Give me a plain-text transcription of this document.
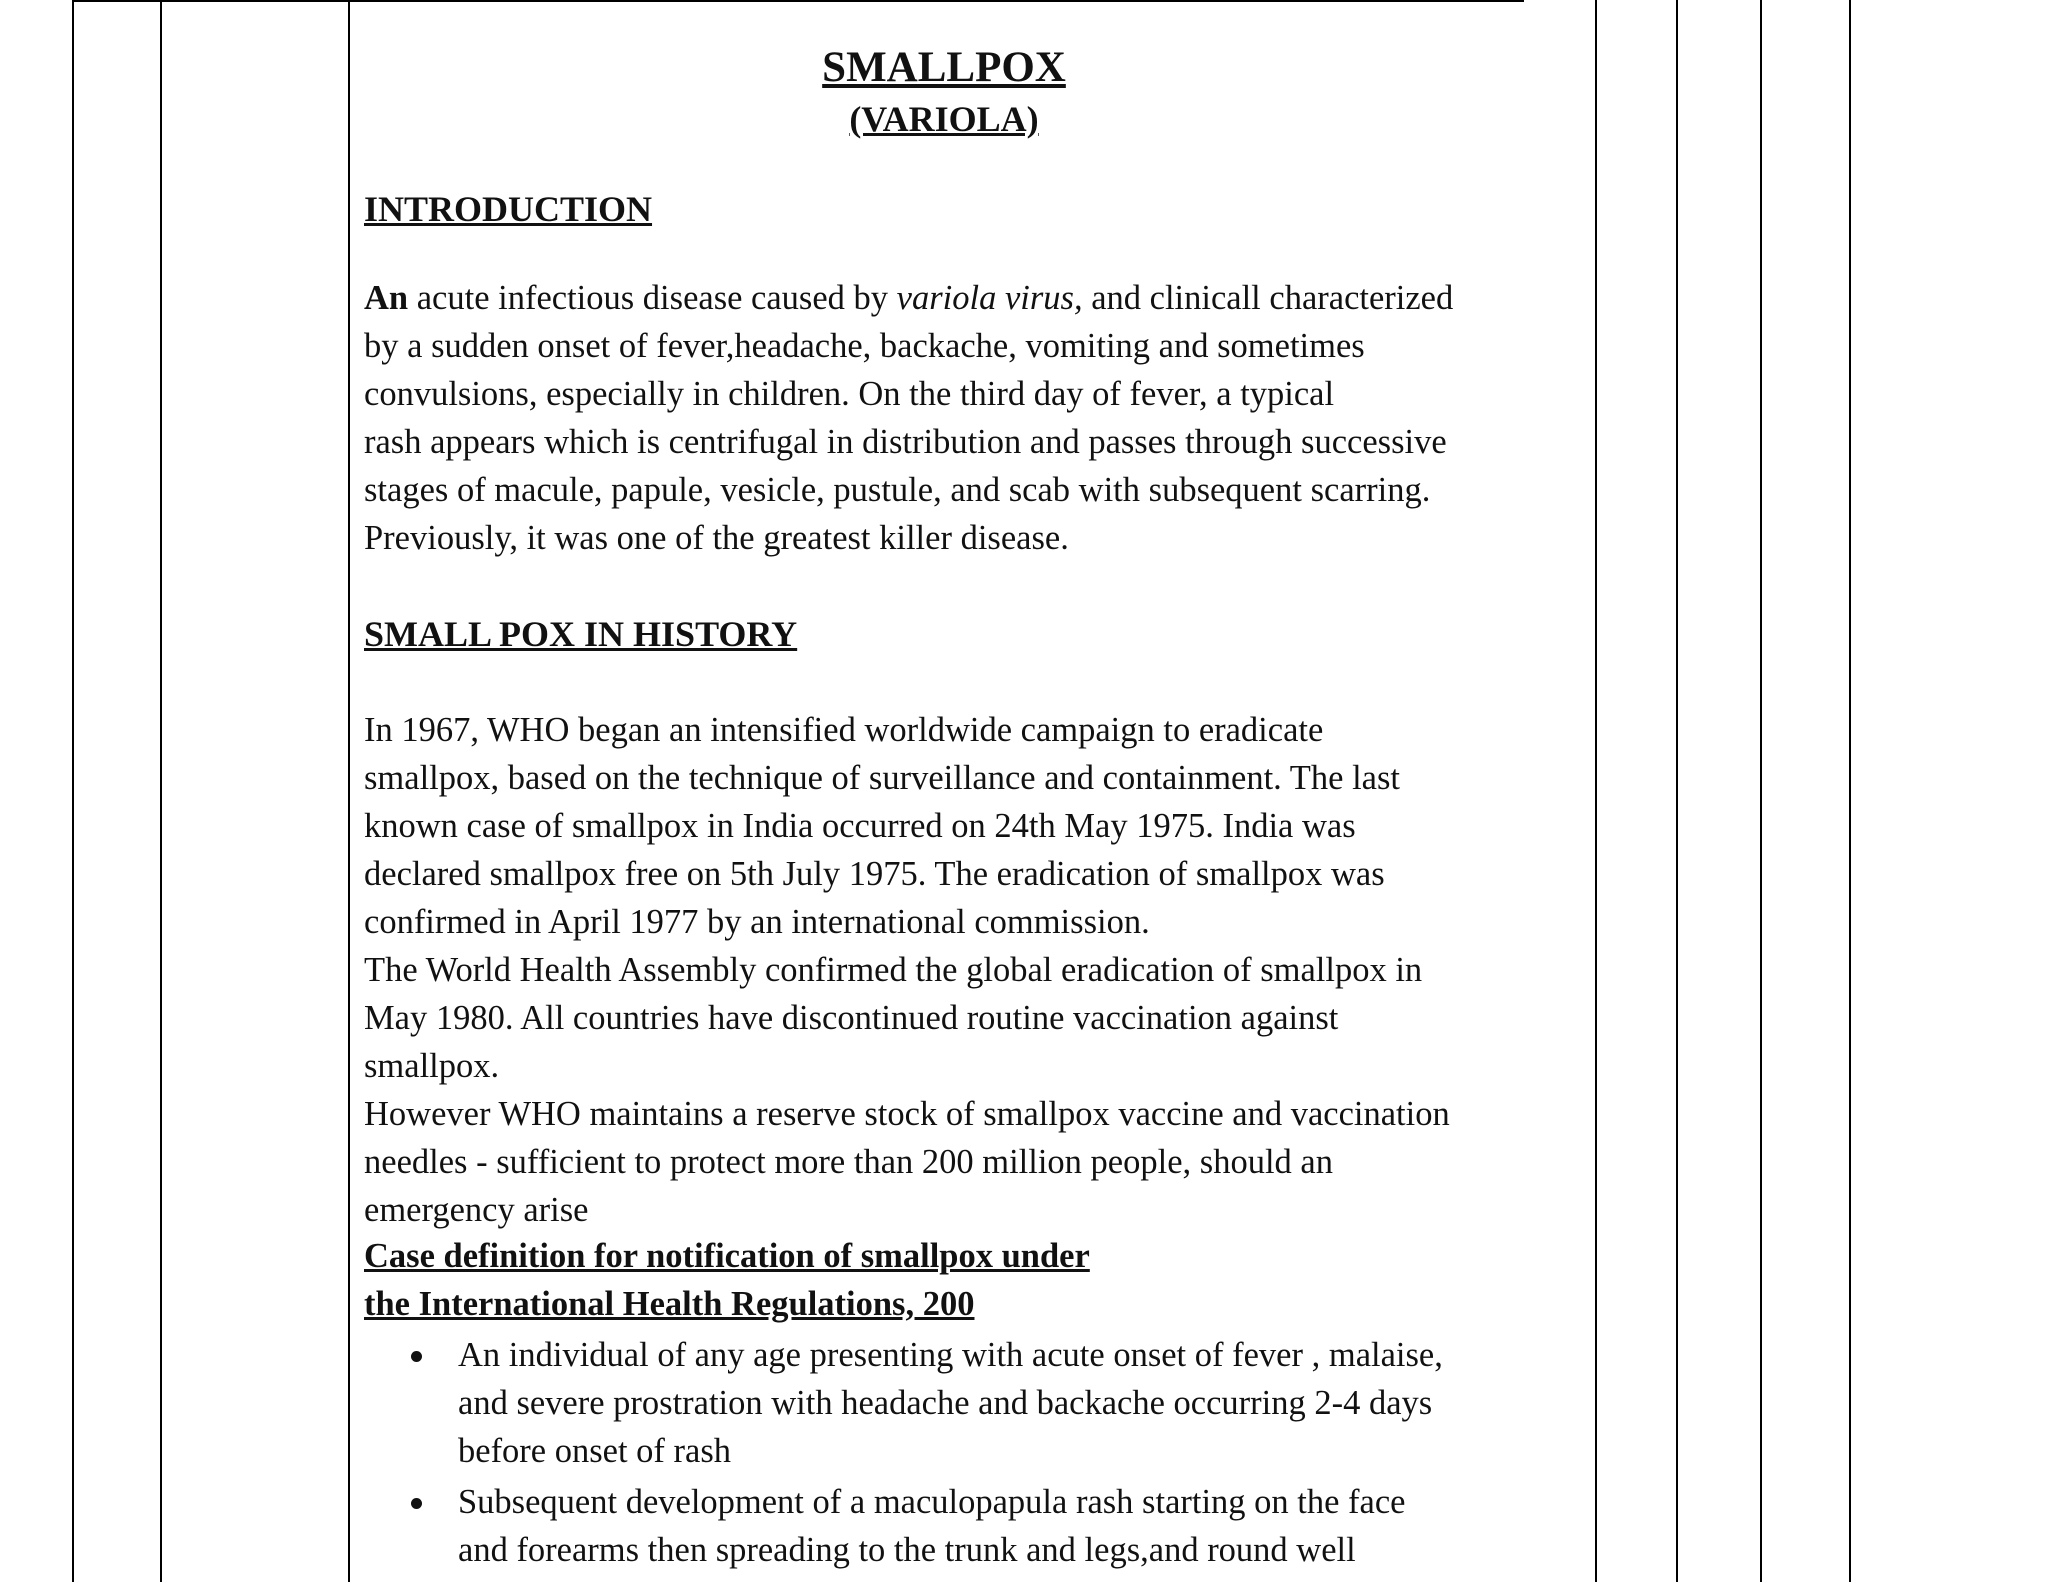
SMALLPOX
(VARIOLA)
INTRODUCTION
An acute infectious disease caused by variola virus, and clinicall characterized
by a sudden onset of fever,headache, backache, vomiting and sometimes
convulsions, especially in children. On the third day of fever, a typical
rash appears which is centrifugal in distribution and passes through successive
stages of macule, papule, vesicle, pustule, and scab with subsequent scarring.
Previously, it was one of the greatest killer disease.
SMALL POX IN HISTORY
In 1967, WHO began an intensified worldwide campaign to eradicate
smallpox, based on the technique of surveillance and containment. The last
known case of smallpox in India occurred on 24th May 1975. India was
declared smallpox free on 5th July 1975. The eradication of smallpox was
confirmed in April 1977 by an international commission.
The World Health Assembly confirmed the global eradication of smallpox in
May 1980. All countries have discontinued routine vaccination against
smallpox.
However WHO maintains a reserve stock of smallpox vaccine and vaccination
needles - sufficient to protect more than 200 million people, should an
emergency arise
Case definition for notification of smallpox under
the International Health Regulations, 200
An individual of any age presenting with acute onset of fever , malaise,
and severe prostration with headache and backache occurring 2-4 days
before onset of rash
Subsequent development of a maculopapula rash starting on the face
and forearms then spreading to the trunk and legs,and round well
